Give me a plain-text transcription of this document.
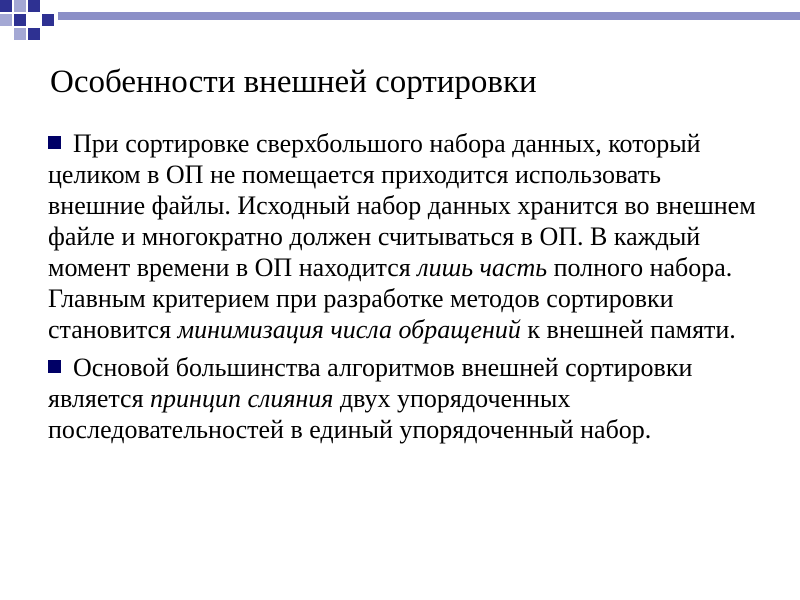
Особенности внешней сортировки

При сортировке сверхбольшого набора данных, который целиком в ОП не помещается приходится использовать внешние файлы. Исходный набор данных хранится во внешнем файле и многократно должен считываться в ОП. В каждый момент времени в ОП находится лишь часть полного набора. Главным критерием при разработке методов сортировки становится минимизация числа обращений к внешней памяти.

Основой большинства алгоритмов внешней сортировки является принцип слияния двух упорядоченных последовательностей в единый упорядоченный набор.
